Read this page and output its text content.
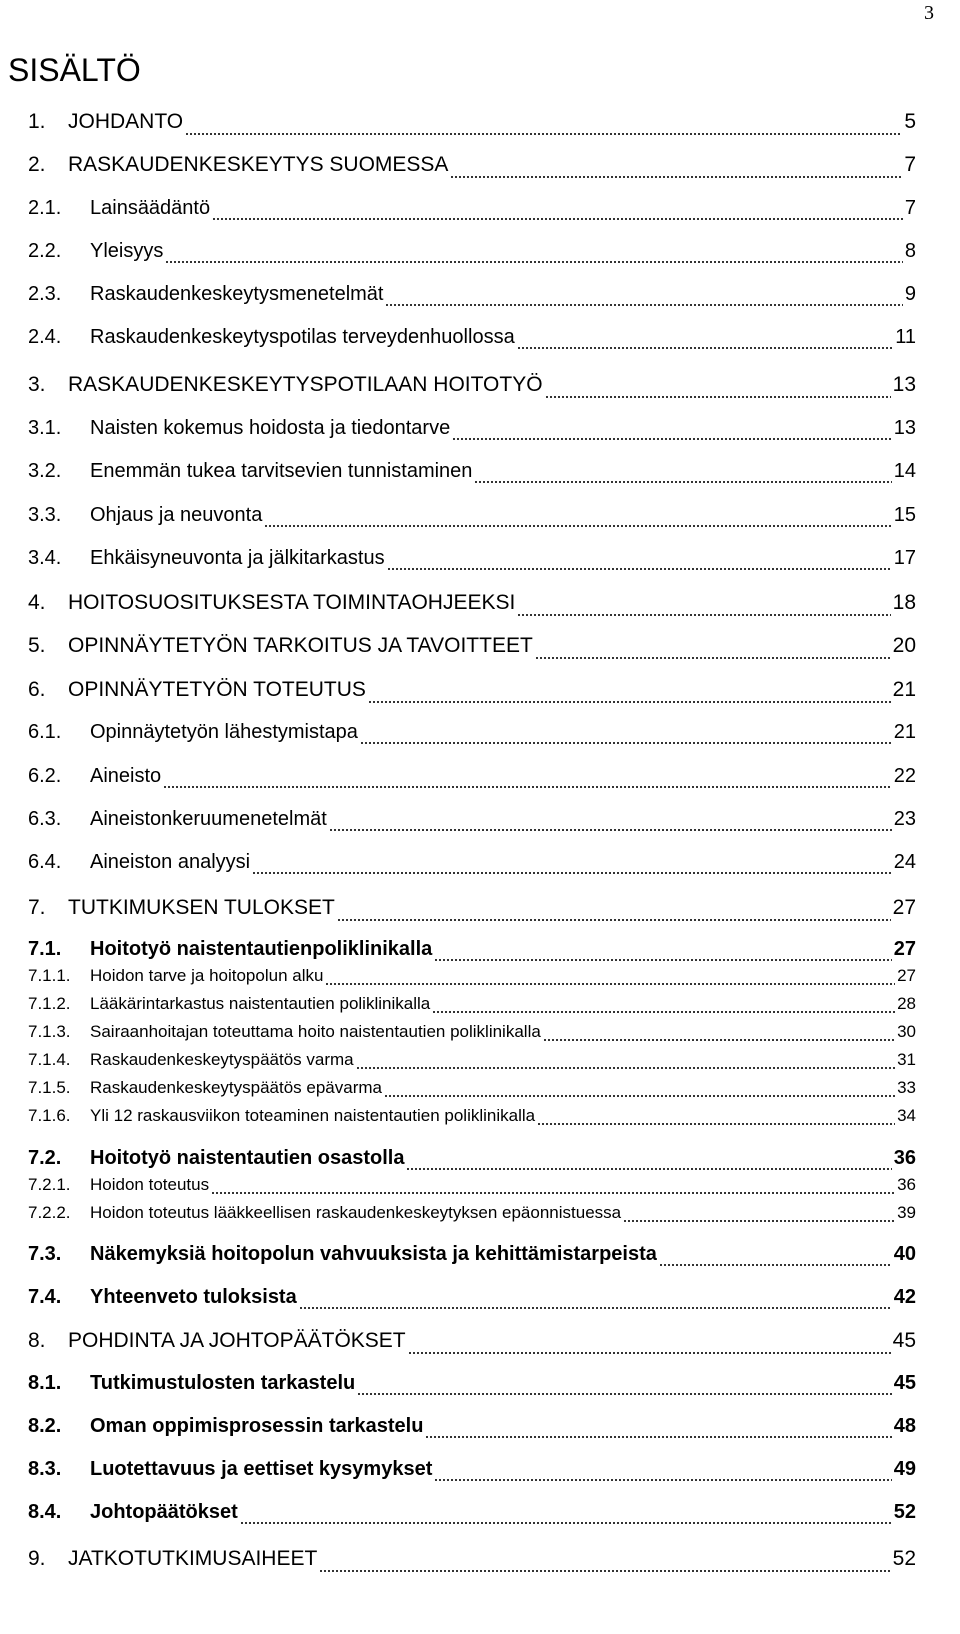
3
SISÄLTÖ
1.	JOHDANTO	5
2.	RASKAUDENKESKEYTYS SUOMESSA	7
2.1.	Lainsäädäntö	7
2.2.	Yleisyys	8
2.3.	Raskaudenkeskeytysmenetelmät	9
2.4.	Raskaudenkeskeytyspotilas terveydenhuollossa	11
3.	RASKAUDENKESKEYTYSPOTILAAN HOITOTYÖ	13
3.1.	Naisten kokemus hoidosta ja tiedontarve	13
3.2.	Enemmän tukea tarvitsevien tunnistaminen	14
3.3.	Ohjaus ja neuvonta	15
3.4.	Ehkäisyneuvonta ja jälkitarkastus	17
4.	HOITOSUOSITUKSESTA TOIMINTAOHJEEKSI	18
5.	OPINNÄYTETYÖN TARKOITUS JA TAVOITTEET	20
6.	OPINNÄYTETYÖN TOTEUTUS	21
6.1.	Opinnäytetyön lähestymistapa	21
6.2.	Aineisto	22
6.3.	Aineistonkeruumenetelmät	23
6.4.	Aineiston analyysi	24
7.	TUTKIMUKSEN TULOKSET	27
7.1.	Hoitotyö naistentautienpoliklinikalla	27
7.1.1.	Hoidon tarve ja hoitopolun alku	27
7.1.2.	Lääkärintarkastus naistentautien poliklinikalla	28
7.1.3.	Sairaanhoitajan toteuttama hoito naistentautien poliklinikalla	30
7.1.4.	Raskaudenkeskeytyspäätös varma	31
7.1.5.	Raskaudenkeskeytyspäätös epävarma	33
7.1.6.	Yli 12 raskausviikon toteaminen naistentautien poliklinikalla	34
7.2.	Hoitotyö naistentautien osastolla	36
7.2.1.	Hoidon toteutus	36
7.2.2.	Hoidon toteutus lääkkeellisen raskaudenkeskeytyksen epäonnistuessa	39
7.3.	Näkemyksiä hoitopolun vahvuuksista ja kehittämistarpeista	40
7.4.	Yhteenveto tuloksista	42
8.	POHDINTA JA JOHTOPÄÄTÖKSET	45
8.1.	Tutkimustulosten tarkastelu	45
8.2.	Oman oppimisprosessin tarkastelu	48
8.3.	Luotettavuus ja eettiset kysymykset	49
8.4.	Johtopäätökset	52
9.	JATKOTUTKIMUSAIHEET	52
